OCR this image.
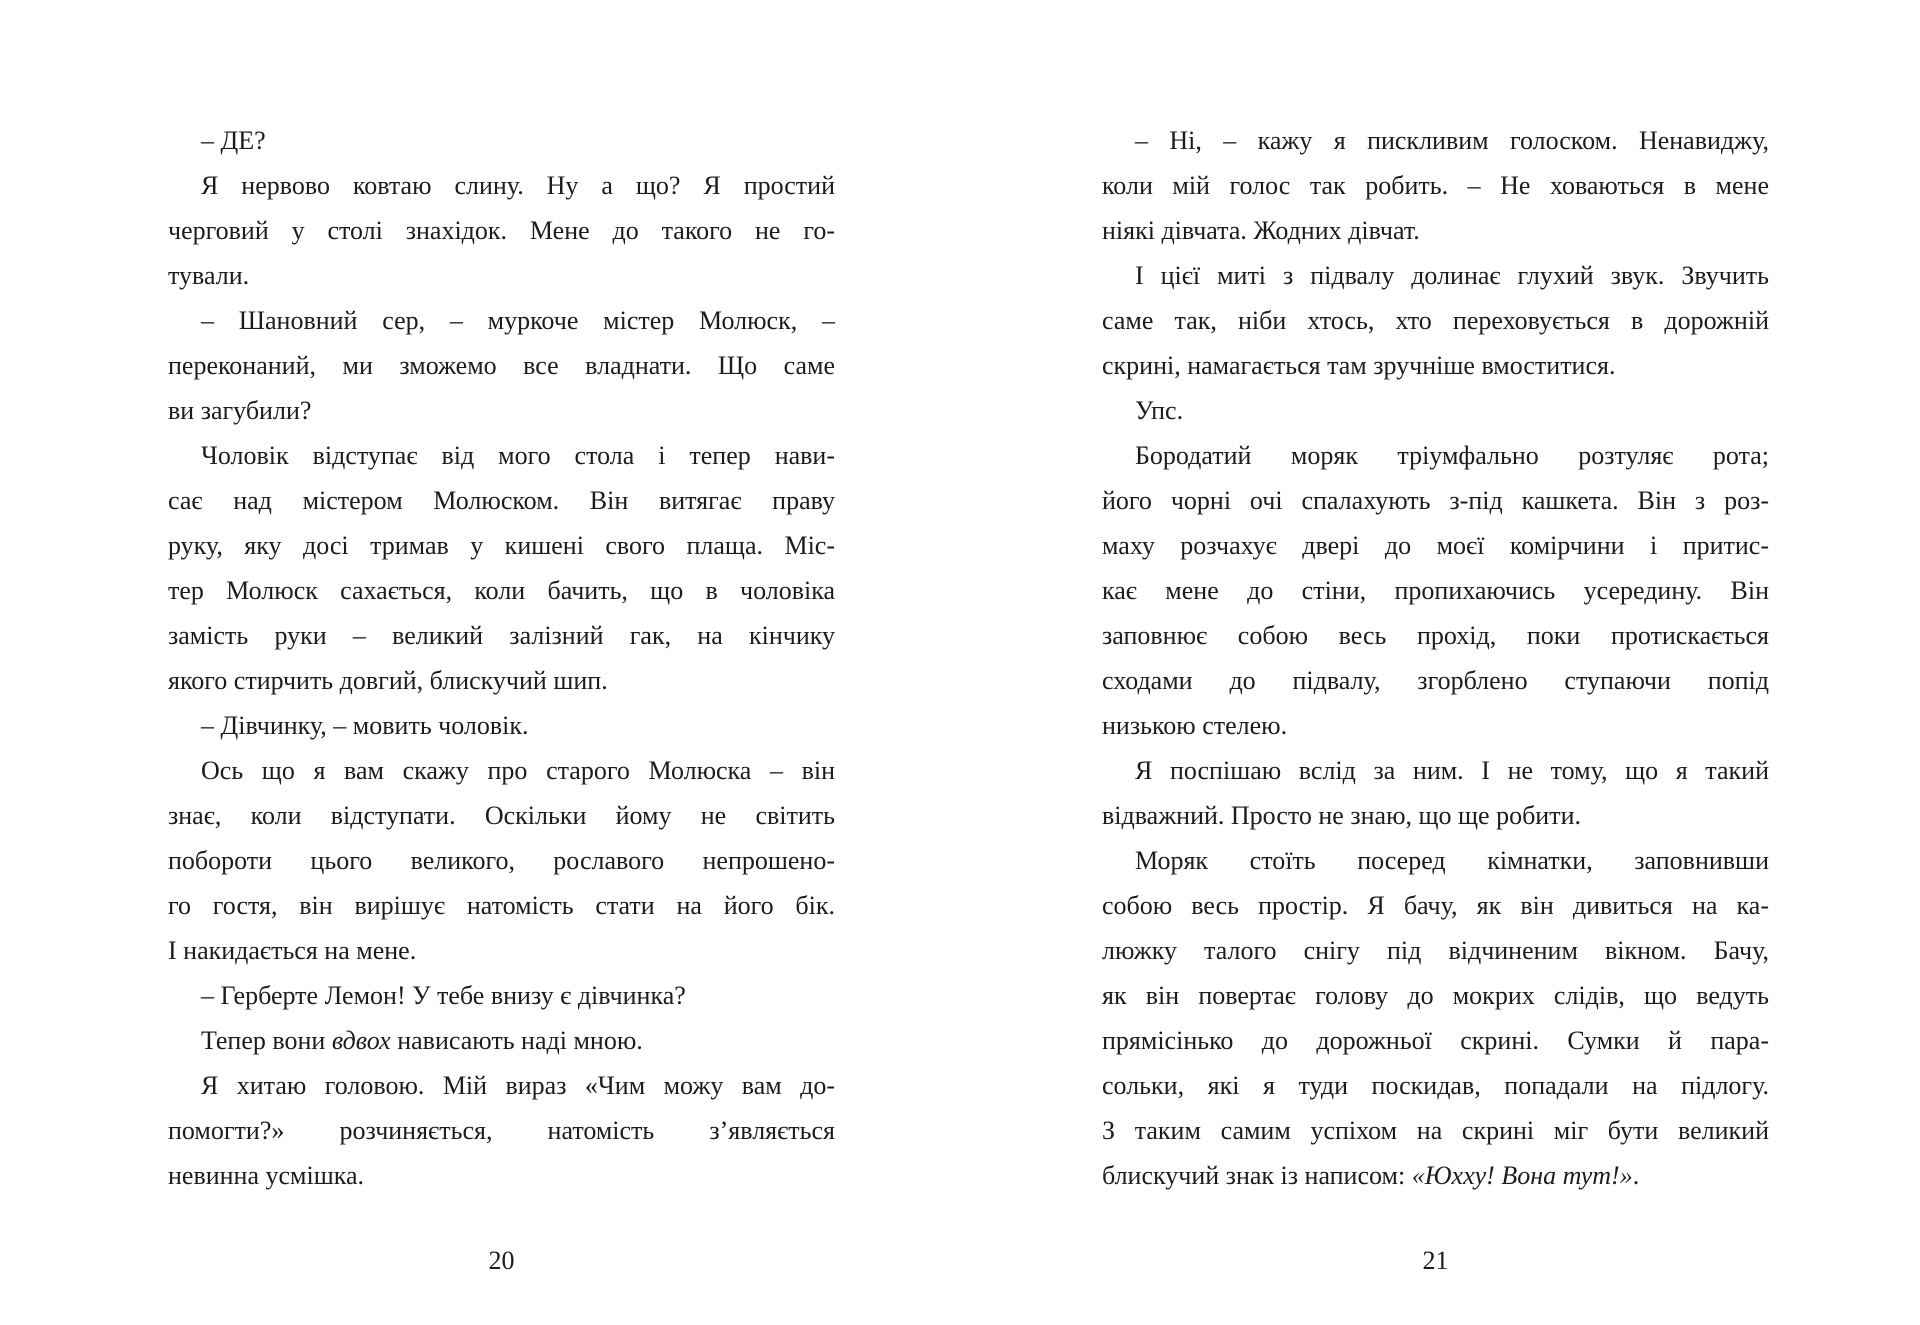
– ДЕ?
Я нервово ковтаю слину. Ну а що? Я простий
черговий у столі знахідок. Мене до такого не го-
тували.
– Шановний сер, – муркоче містер Молюск, –
переконаний, ми зможемо все владнати. Що саме
ви загубили?
Чоловік відступає від мого стола і тепер нави-
сає над містером Молюском. Він витягає праву
руку, яку досі тримав у кишені свого плаща. Міс-
тер Молюск сахається, коли бачить, що в чоловіка
замість руки – великий залізний гак, на кінчику
якого стирчить довгий, блискучий шип.
– Дівчинку, – мовить чоловік.
Ось що я вам скажу про старого Молюска – він
знає, коли відступати. Оскільки йому не світить
побороти цього великого, рославого непрошено-
го гостя, він вирішує натомість стати на його бік.
І накидається на мене.
– Герберте Лемон! У тебе внизу є дівчинка?
Тепер вони вдвох нависають наді мною.
Я хитаю головою. Мій вираз «Чим можу вам до-
помогти?» розчиняється, натомість з’являється
невинна усмішка.
20
– Ні, – кажу я пискливим голоском. Ненавиджу,
коли мій голос так робить. – Не ховаються в мене
ніякі дівчата. Жодних дівчат.
І цієї миті з підвалу долинає глухий звук. Звучить
саме так, ніби хтось, хто переховується в дорожній
скрині, намагається там зручніше вмоститися.
Упс.
Бородатий моряк тріумфально розтуляє рота;
його чорні очі спалахують з-під кашкета. Він з роз-
маху розчахує двері до моєї комірчини і притис-
кає мене до стіни, пропихаючись усередину. Він
заповнює собою весь прохід, поки протискається
сходами до підвалу, згорблено ступаючи попід
низькою стелею.
Я поспішаю вслід за ним. І не тому, що я такий
відважний. Просто не знаю, що ще робити.
Моряк стоїть посеред кімнатки, заповнивши
собою весь простір. Я бачу, як він дивиться на ка-
люжку талого снігу під відчиненим вікном. Бачу,
як він повертає голову до мокрих слідів, що ведуть
прямісінько до дорожньої скрині. Сумки й пара-
сольки, які я туди поскидав, попадали на підлогу.
З таким самим успіхом на скрині міг бути великий
блискучий знак із написом: «Юххy! Вона тут!».
21
